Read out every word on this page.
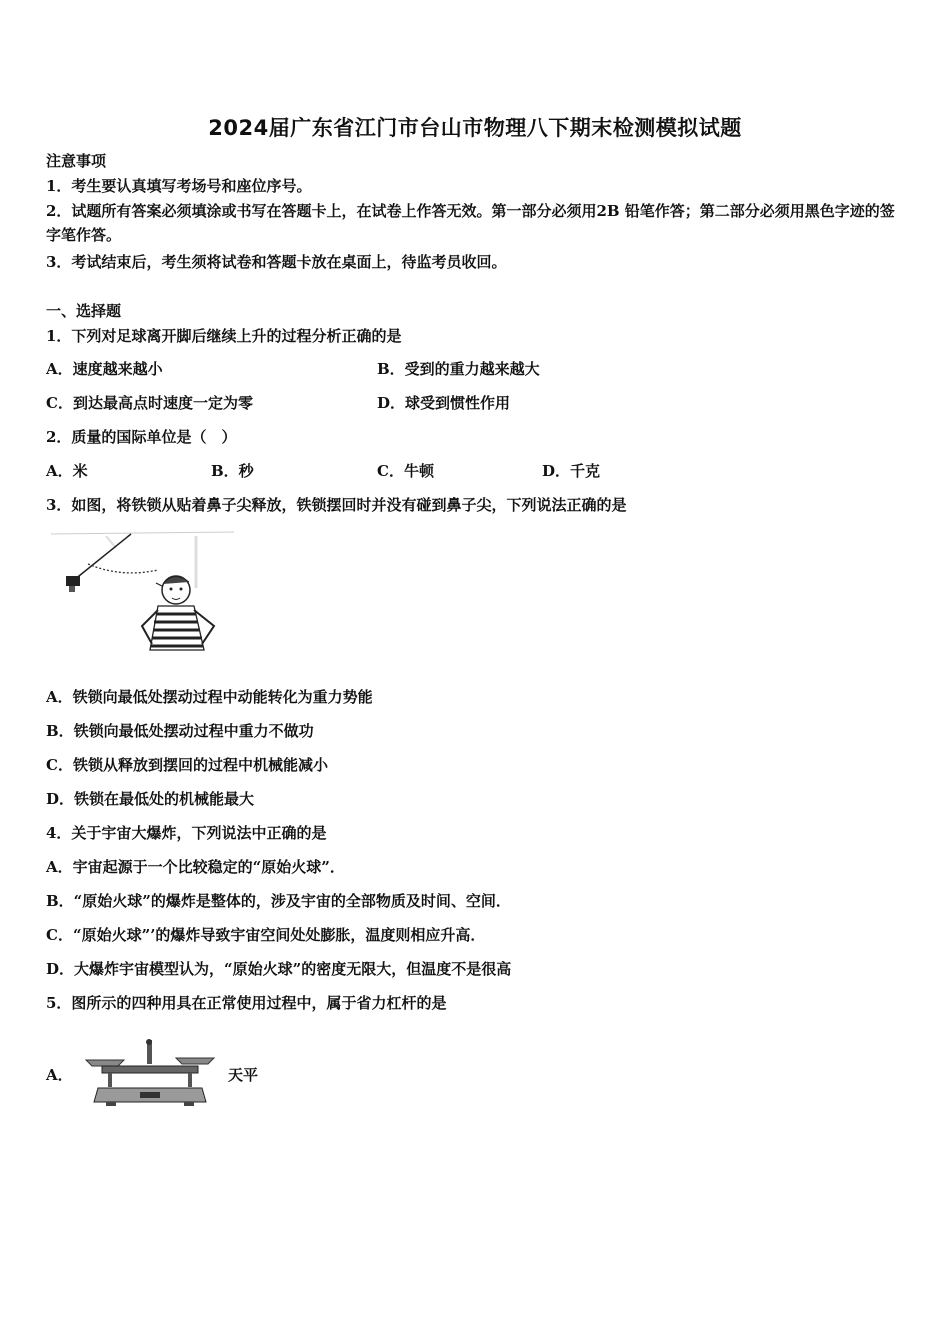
2024届广东省江门市台山市物理八下期末检测模拟试题
注意事项
1．考生要认真填写考场号和座位序号。
2．试题所有答案必须填涂或书写在答题卡上，在试卷上作答无效。第一部分必须用2B 铅笔作答；第二部分必须用黑色字迹的签字笔作答。
3．考试结束后，考生须将试卷和答题卡放在桌面上，待监考员收回。
一、选择题
1．下列对足球离开脚后继续上升的过程分析正确的是
A．速度越来越小	B．受到的重力越来越大
C．到达最高点时速度一定为零	D．球受到惯性作用
2．质量的国际单位是（　）
A．米	B．秒	C．牛顿	D．千克
3．如图，将铁锁从贴着鼻子尖释放，铁锁摆回时并没有碰到鼻子尖，下列说法正确的是
A．铁锁向最低处摆动过程中动能转化为重力势能
B．铁锁向最低处摆动过程中重力不做功
C．铁锁从释放到摆回的过程中机械能减小
D．铁锁在最低处的机械能最大
4．关于宇宙大爆炸，下列说法中正确的是
A．宇宙起源于一个比较稳定的“原始火球”．
B．“原始火球”的爆炸是整体的，涉及宇宙的全部物质及时间、空间．
C．“原始火球”’的爆炸导致宇宙空间处处膨胀，温度则相应升高．
D．大爆炸宇宙模型认为，“原始火球”的密度无限大，但温度不是很高
5．图所示的四种用具在正常使用过程中，属于省力杠杆的是
A．	天平
